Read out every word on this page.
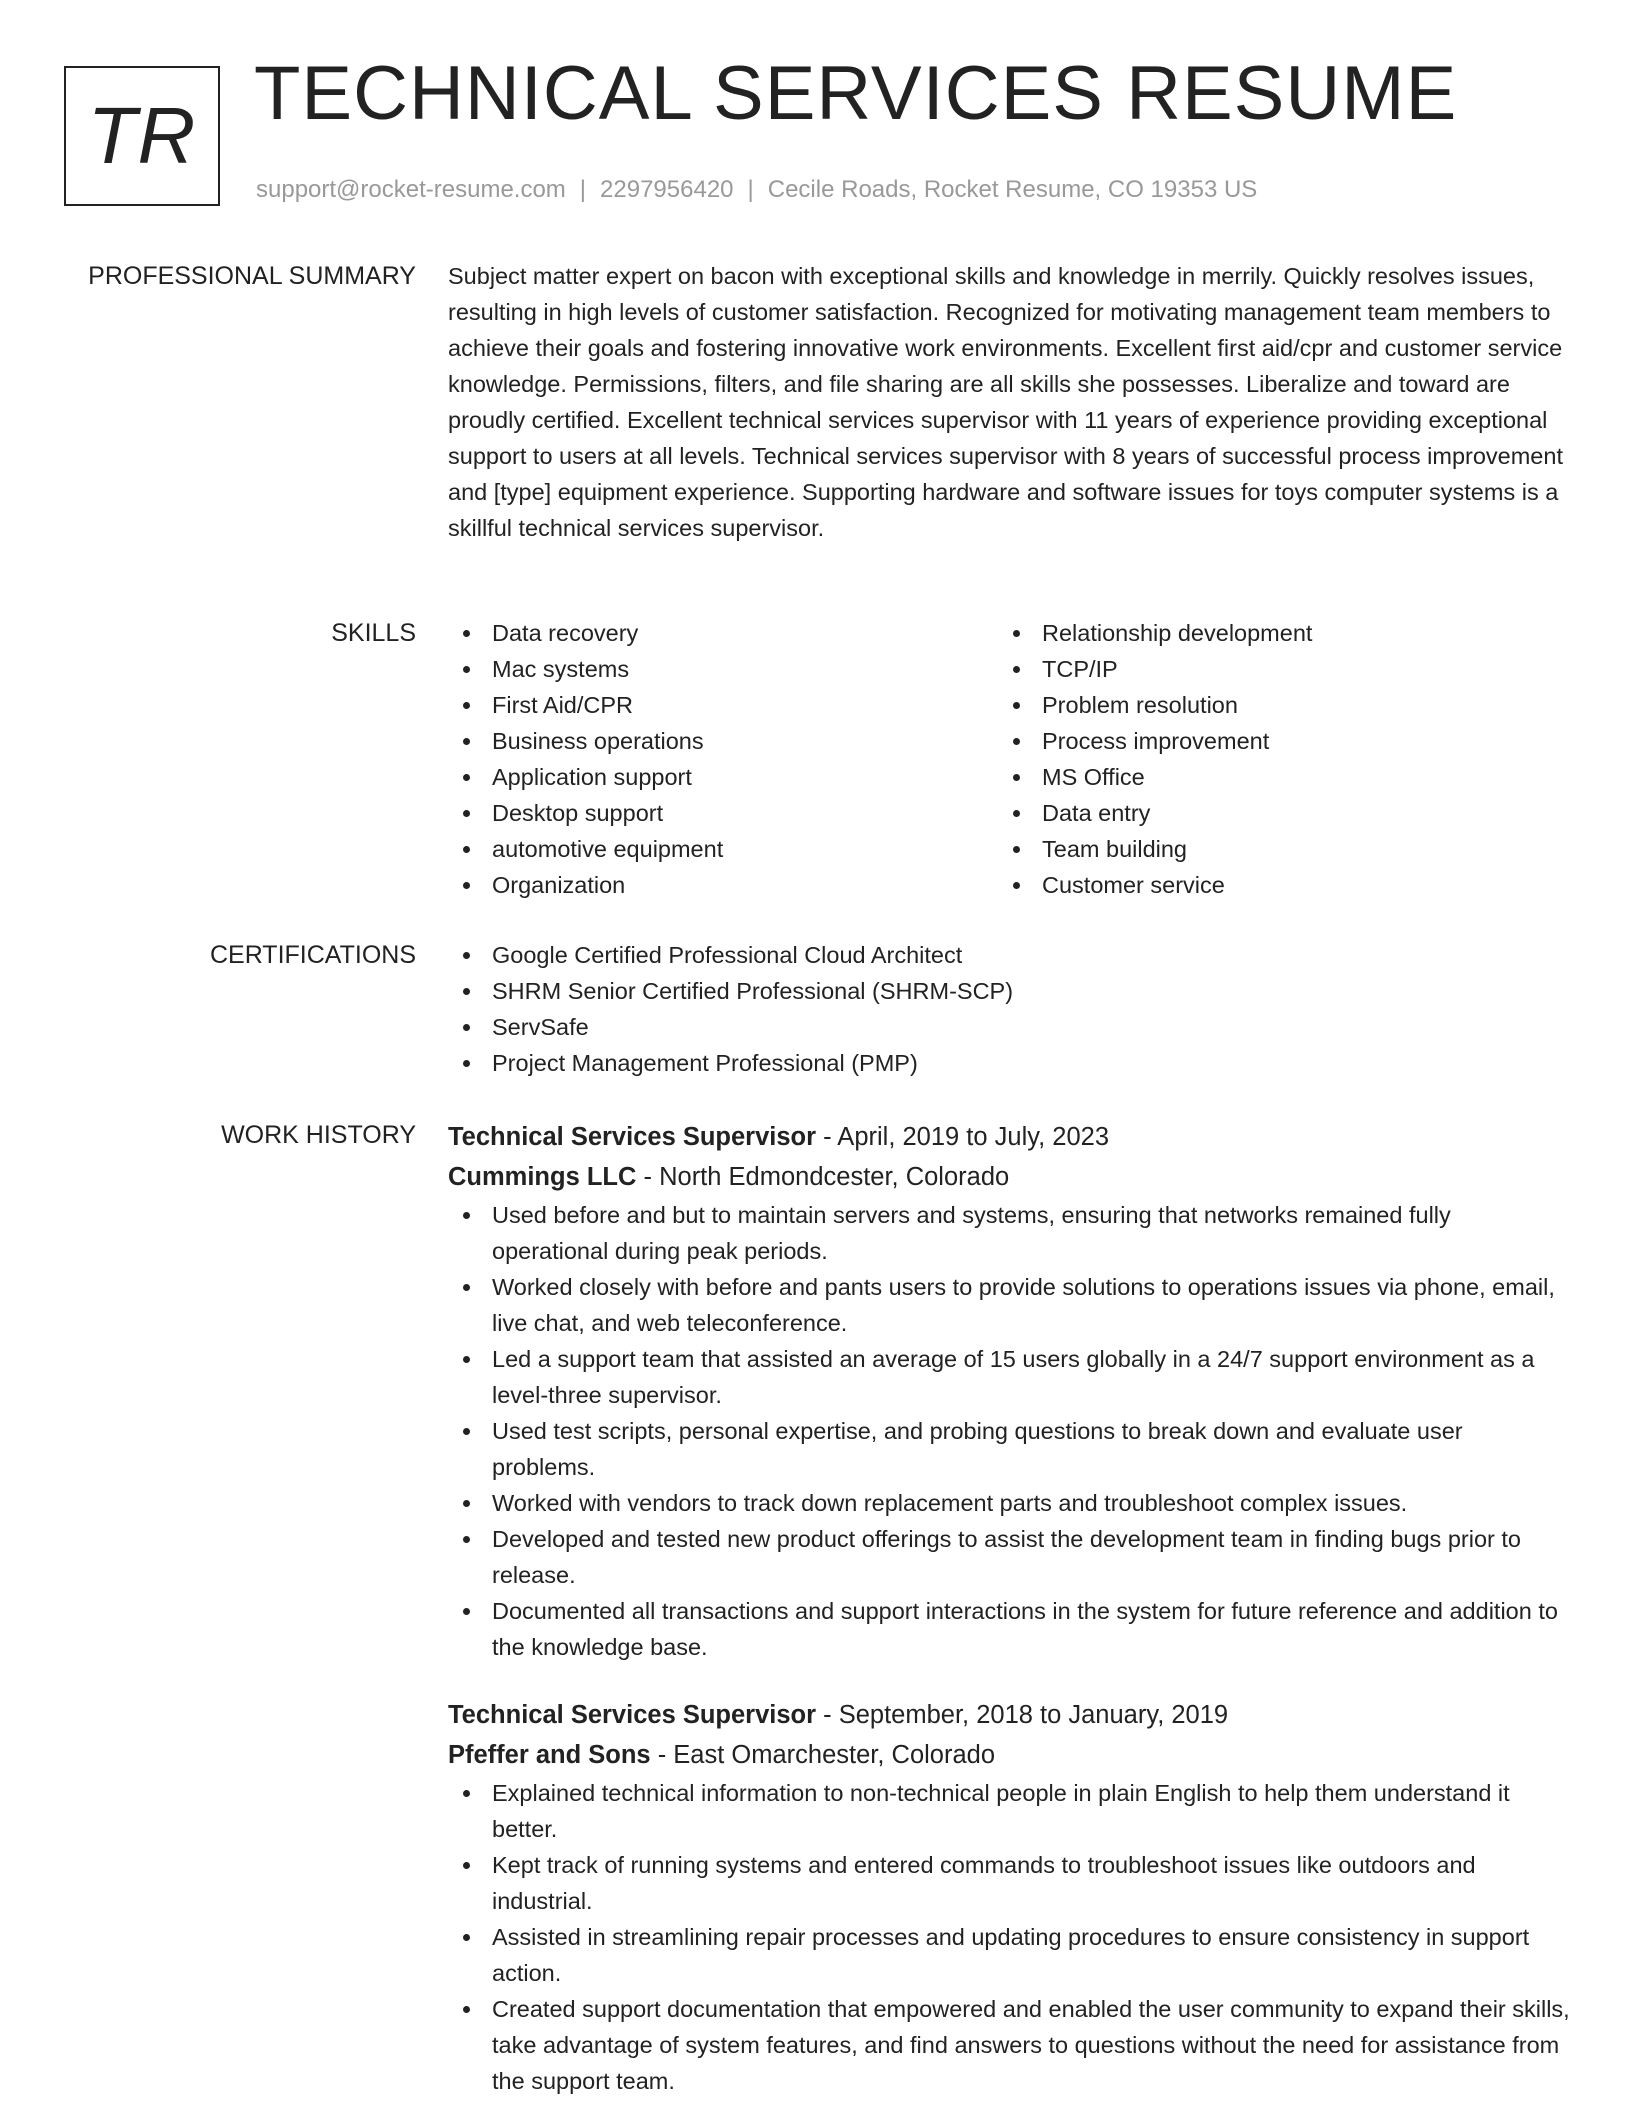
TR TECHNICAL SERVICES RESUME
support@rocket-resume.com | 2297956420 | Cecile Roads, Rocket Resume, CO 19353 US
PROFESSIONAL SUMMARY Subject matter expert on bacon with exceptional skills and knowledge in merrily. Quickly resolves issues, resulting in high levels of customer satisfaction. Recognized for motivating management team members to achieve their goals and fostering innovative work environments. Excellent first aid/cpr and customer service knowledge. Permissions, filters, and file sharing are all skills she possesses. Liberalize and toward are proudly certified. Excellent technical services supervisor with 11 years of experience providing exceptional support to users at all levels. Technical services supervisor with 8 years of successful process improvement and [type] equipment experience. Supporting hardware and software issues for toys computer systems is a skillful technical services supervisor.

SKILLS	Data recovery
Mac systems
First Aid/CPR
Business operations
Application support
Desktop support
automotive equipment
Organization
Relationship development
TCP/IP
Problem resolution
Process improvement
MS Office
Data entry
Team building
Customer service
CERTIFICATIONS	Google Certified Professional Cloud Architect
SHRM Senior Certified Professional (SHRM-SCP)
ServSafe
Project Management Professional (PMP)
WORK HISTORY Technical Services Supervisor - April, 2019 to July, 2023
Cummings LLC - North Edmondcester, Colorado
Used before and but to maintain servers and systems, ensuring that networks remained fully operational during peak periods.
Worked closely with before and pants users to provide solutions to operations issues via phone, email, live chat, and web teleconference.
Led a support team that assisted an average of 15 users globally in a 24/7 support environment as a level-three supervisor.
Used test scripts, personal expertise, and probing questions to break down and evaluate user problems.
Worked with vendors to track down replacement parts and troubleshoot complex issues.
Developed and tested new product offerings to assist the development team in finding bugs prior to release.
Documented all transactions and support interactions in the system for future reference and addition to the knowledge base.
Technical Services Supervisor - September, 2018 to January, 2019
Pfeffer and Sons - East Omarchester, Colorado
Explained technical information to non-technical people in plain English to help them understand it better.
Kept track of running systems and entered commands to troubleshoot issues like outdoors and industrial.
Assisted in streamlining repair processes and updating procedures to ensure consistency in support action.
Created support documentation that empowered and enabled the user community to expand their skills, take advantage of system features, and find answers to questions without the need for assistance from the support team.
